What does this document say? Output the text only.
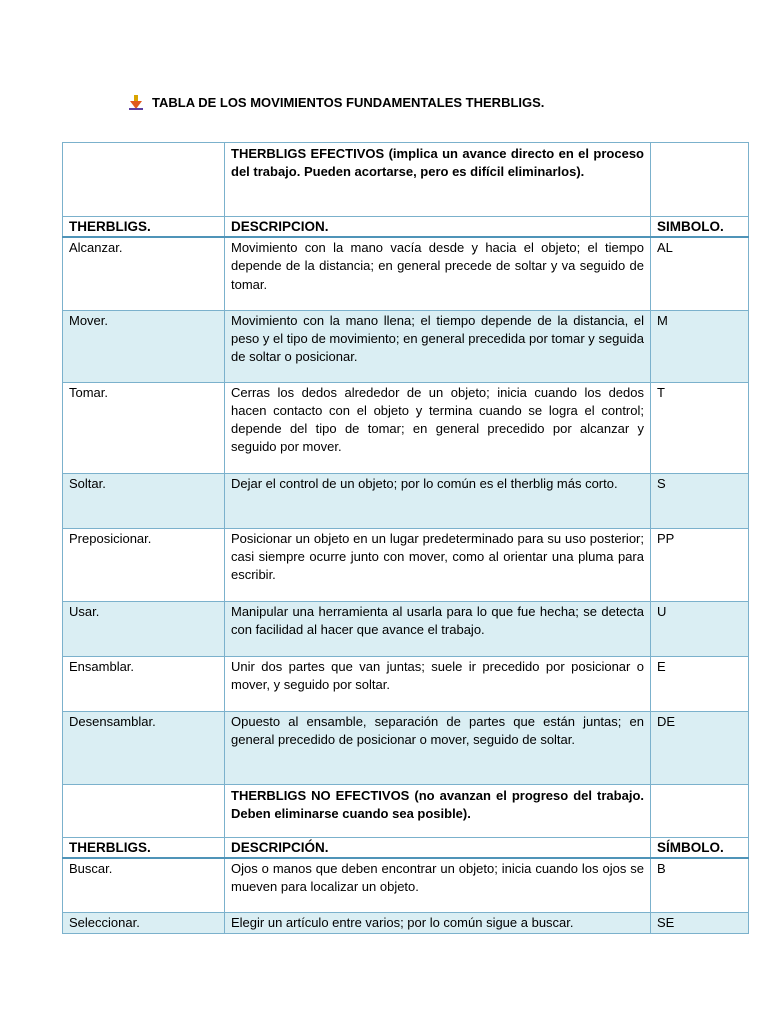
TABLA DE LOS MOVIMIENTOS FUNDAMENTALES THERBLIGS.
	THERBLIGS EFECTIVOS (implica un avance directo en el proceso del trabajo. Pueden acortarse, pero es difícil eliminarlos).	
THERBLIGS.	DESCRIPCION.	SIMBOLO.
Alcanzar.	Movimiento con la mano vacía desde y hacia el objeto; el tiempo depende de la distancia; en general precede de soltar y va seguido de tomar.	AL
Mover.	Movimiento con la mano llena; el tiempo depende de la distancia, el peso y el tipo de movimiento; en general precedida por tomar y seguida de soltar o posicionar.	M
Tomar.	Cerras los dedos alrededor de un objeto; inicia cuando los dedos hacen contacto con el objeto y termina cuando se logra el control; depende del tipo de tomar; en general precedido por alcanzar y seguido por mover.	T
Soltar.	Dejar el control de un objeto; por lo común es el therblig más corto.	S
Preposicionar.	Posicionar un objeto en un lugar predeterminado para su uso posterior; casi siempre ocurre junto con mover, como al orientar una pluma para escribir.	PP
Usar.	Manipular una herramienta al usarla para lo que fue hecha; se detecta con facilidad al hacer que avance el trabajo.	U
Ensamblar.	Unir dos partes que van juntas; suele ir precedido por posicionar o mover, y seguido por soltar.	E
Desensamblar.	Opuesto al ensamble, separación de partes que están juntas; en general precedido de posicionar o mover, seguido de soltar.	DE
	THERBLIGS NO EFECTIVOS (no avanzan el progreso del trabajo. Deben eliminarse cuando sea posible).	
THERBLIGS.	DESCRIPCIÓN.	SÍMBOLO.
Buscar.	Ojos o manos que deben encontrar un objeto; inicia cuando los ojos se mueven para localizar un objeto.	B
Seleccionar.	Elegir un artículo entre varios; por lo común sigue a buscar.	SE
